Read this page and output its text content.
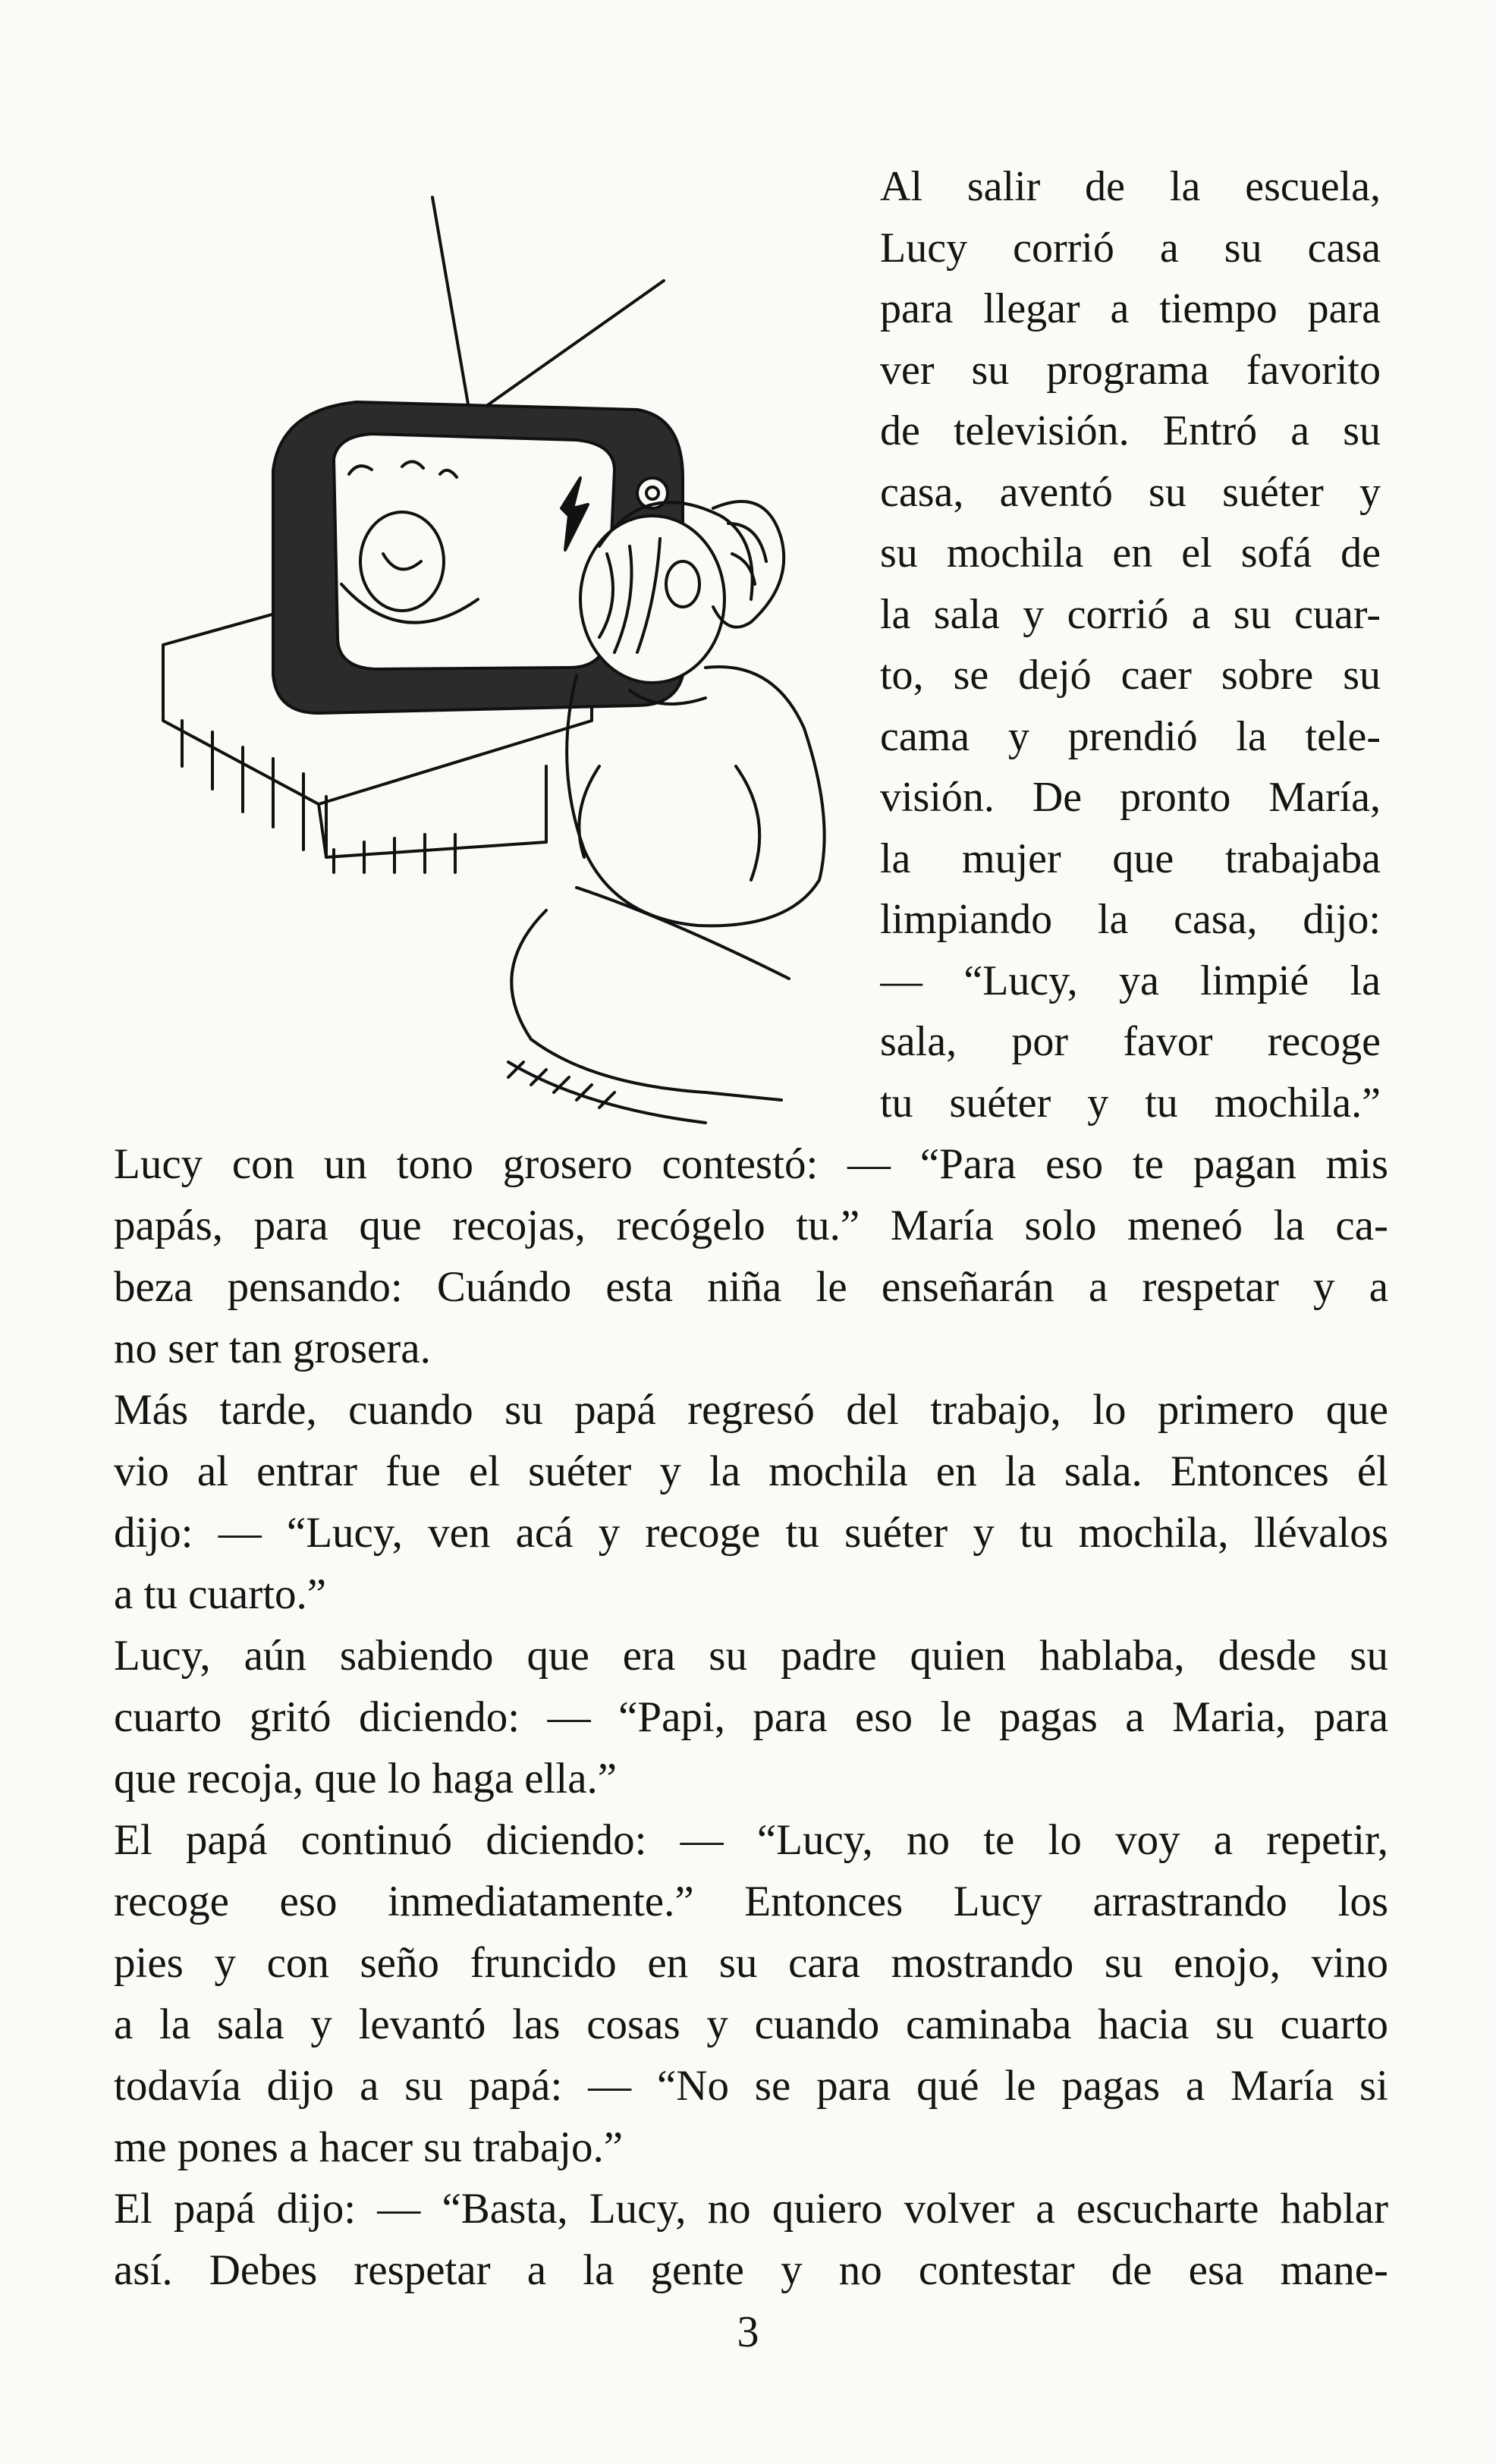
Al salir de la escuela,
Lucy corrió a su casa
para llegar a tiempo para
ver su programa favorito
de televisión. Entró a su
casa, aventó su suéter y
su mochila en el sofá de
la sala y corrió a su cuar-
to, se dejó caer sobre su
cama y prendió la tele-
visión. De pronto María,
la mujer que trabajaba
limpiando la casa, dijo:
— “Lucy, ya limpié la
sala, por favor recoge
tu suéter y tu mochila.”
Lucy con un tono grosero contestó: — “Para eso te pagan mis
papás, para que recojas, recógelo tu.” María solo meneó la ca-
beza pensando: Cuándo esta niña le enseñarán a respetar y a
no ser tan grosera.
Más tarde, cuando su papá regresó del trabajo, lo primero que
vio al entrar fue el suéter y la mochila en la sala. Entonces él
dijo: — “Lucy, ven acá y recoge tu suéter y tu mochila, llévalos
a tu cuarto.”
Lucy, aún sabiendo que era su padre quien hablaba, desde su
cuarto gritó diciendo: — “Papi, para eso le pagas a Maria, para
que recoja, que lo haga ella.”
El papá continuó diciendo: — “Lucy, no te lo voy a repetir,
recoge eso inmediatamente.” Entonces Lucy arrastrando los
pies y con seño fruncido en su cara mostrando su enojo, vino
a la sala y levantó las cosas y cuando caminaba hacia su cuarto
todavía dijo a su papá: — “No se para qué le pagas a María si
me pones a hacer su trabajo.”
El papá dijo: — “Basta, Lucy, no quiero volver a escucharte hablar
así. Debes respetar a la gente y no contestar de esa mane-
3
